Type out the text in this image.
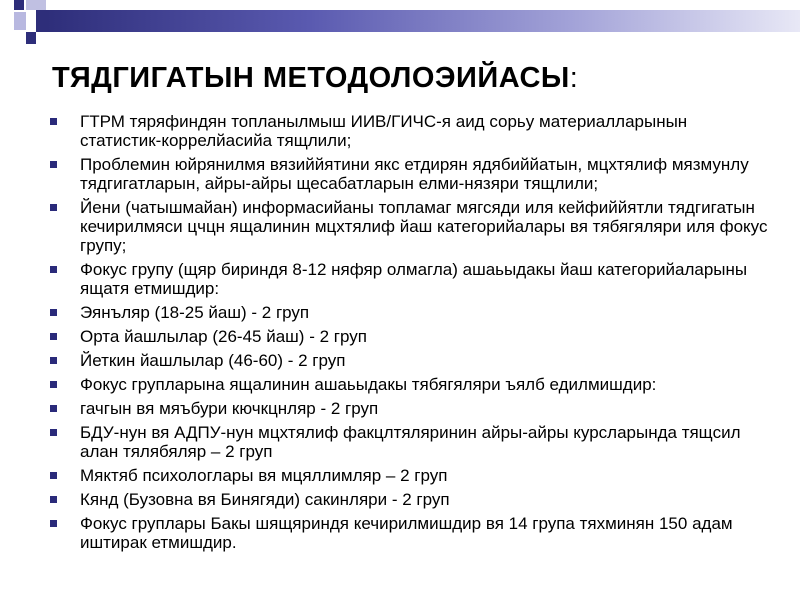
ТЯДГИГАТЫН МЕТОДОЛОЭИЙАСЫ:
ГТРМ тяряфиндян топланылмыш ИИВ/ГИЧС-я аид сорьу материалларынын статистик-коррелйасийа тящлили;
Проблемин юйрянилмя вязиййятини якс етдирян ядябиййатын, мцхтялиф мязмунлу тядгигатларын, айры-айры щесабатларын елми-нязяри тящлили;
Йени (чатышмайан) информасийаны топламаг мягсяди иля кейфиййятли тядгигатын кечирилмяси цчцн ящалинин мцхтялиф йаш категорийалары вя тябягяляри иля фокус групу;
Фокус групу (щяр бириндя 8-12 няфяр олмагла) ашаьыдакы йаш категорийаларыны ящатя етмишдир:
Эянъляр (18-25 йаш) - 2 груп
Орта йашлылар (26-45 йаш) - 2 груп
Йеткин йашлылар (46-60) - 2 груп
Фокус групларына ящалинин ашаьыдакы тябягяляри ъялб едилмишдир:
гачгын вя мяъбури кючкцнляр - 2 груп
БДУ-нун вя АДПУ-нун мцхтялиф факцлтяляринин айры-айры курсларында тящсил алан тялябяляр – 2 груп
Мяктяб психологлары вя мцяллимляр – 2 груп
Кянд (Бузовна вя Бинягяди) сакинляри - 2 груп
Фокус груплары Бакы шящяриндя кечирилмишдир вя 14 група тяхминян 150 адам иштирак етмишдир.
